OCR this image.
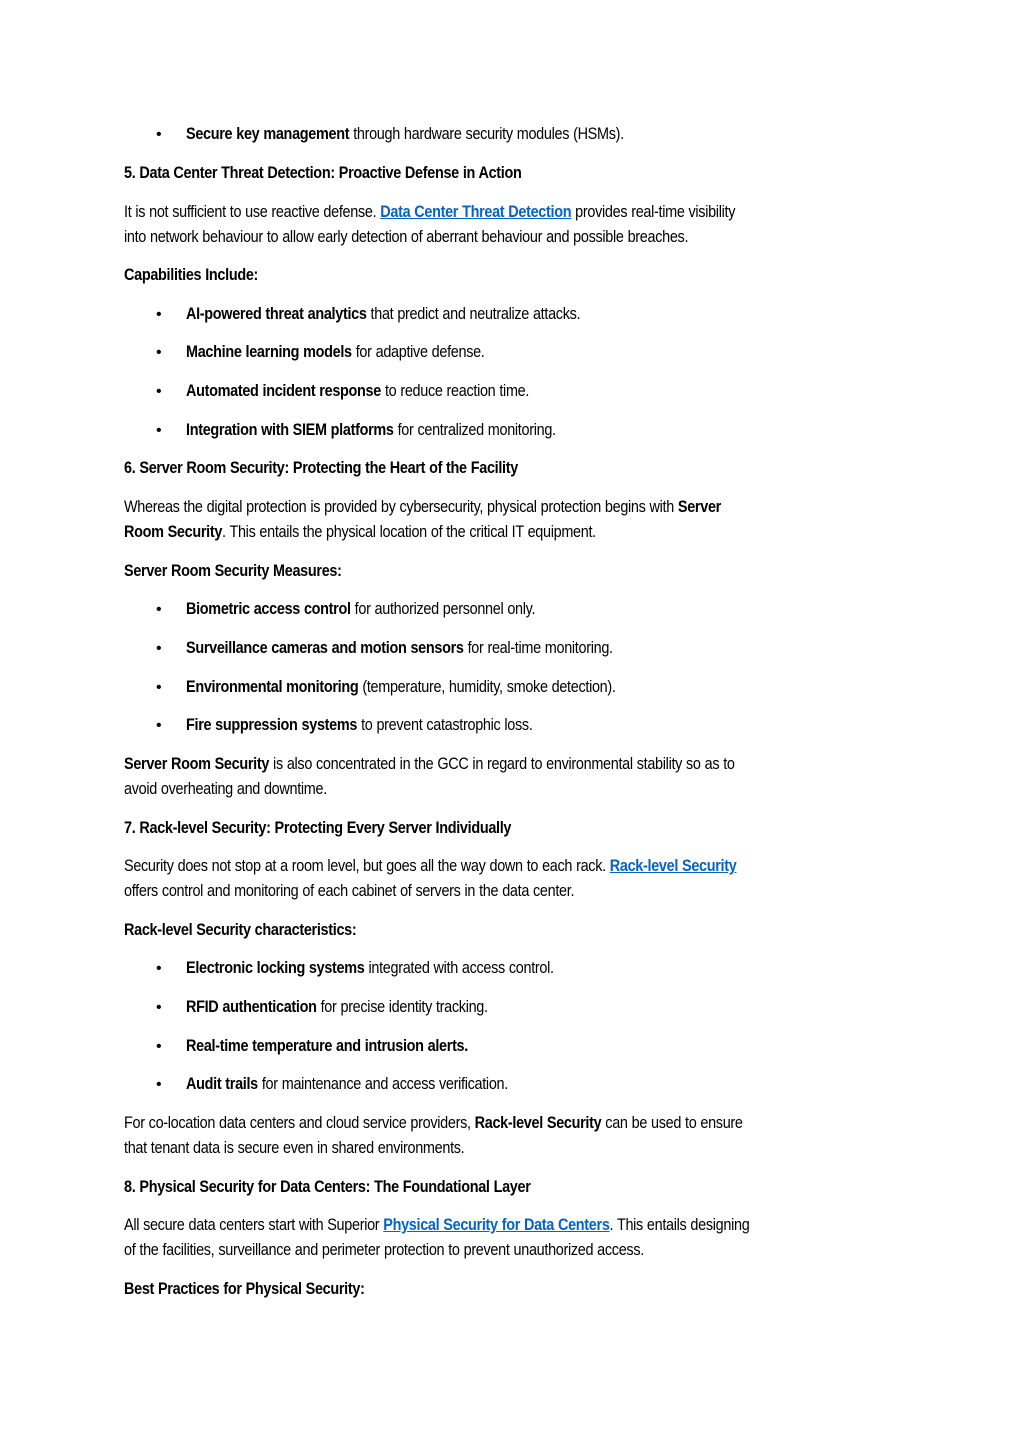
• Secure key management through hardware security modules (HSMs).
5. Data Center Threat Detection: Proactive Defense in Action
It is not sufficient to use reactive defense. Data Center Threat Detection provides real-time visibility
into network behaviour to allow early detection of aberrant behaviour and possible breaches.
Capabilities Include:
• AI-powered threat analytics that predict and neutralize attacks.
• Machine learning models for adaptive defense.
• Automated incident response to reduce reaction time.
• Integration with SIEM platforms for centralized monitoring.
6. Server Room Security: Protecting the Heart of the Facility
Whereas the digital protection is provided by cybersecurity, physical protection begins with Server
Room Security. This entails the physical location of the critical IT equipment.
Server Room Security Measures:
• Biometric access control for authorized personnel only.
• Surveillance cameras and motion sensors for real-time monitoring.
• Environmental monitoring (temperature, humidity, smoke detection).
• Fire suppression systems to prevent catastrophic loss.
Server Room Security is also concentrated in the GCC in regard to environmental stability so as to
avoid overheating and downtime.
7. Rack-level Security: Protecting Every Server Individually
Security does not stop at a room level, but goes all the way down to each rack. Rack-level Security
offers control and monitoring of each cabinet of servers in the data center.
Rack-level Security characteristics:
• Electronic locking systems integrated with access control.
• RFID authentication for precise identity tracking.
• Real-time temperature and intrusion alerts.
• Audit trails for maintenance and access verification.
For co-location data centers and cloud service providers, Rack-level Security can be used to ensure
that tenant data is secure even in shared environments.
8. Physical Security for Data Centers: The Foundational Layer
All secure data centers start with Superior Physical Security for Data Centers. This entails designing
of the facilities, surveillance and perimeter protection to prevent unauthorized access.
Best Practices for Physical Security:
